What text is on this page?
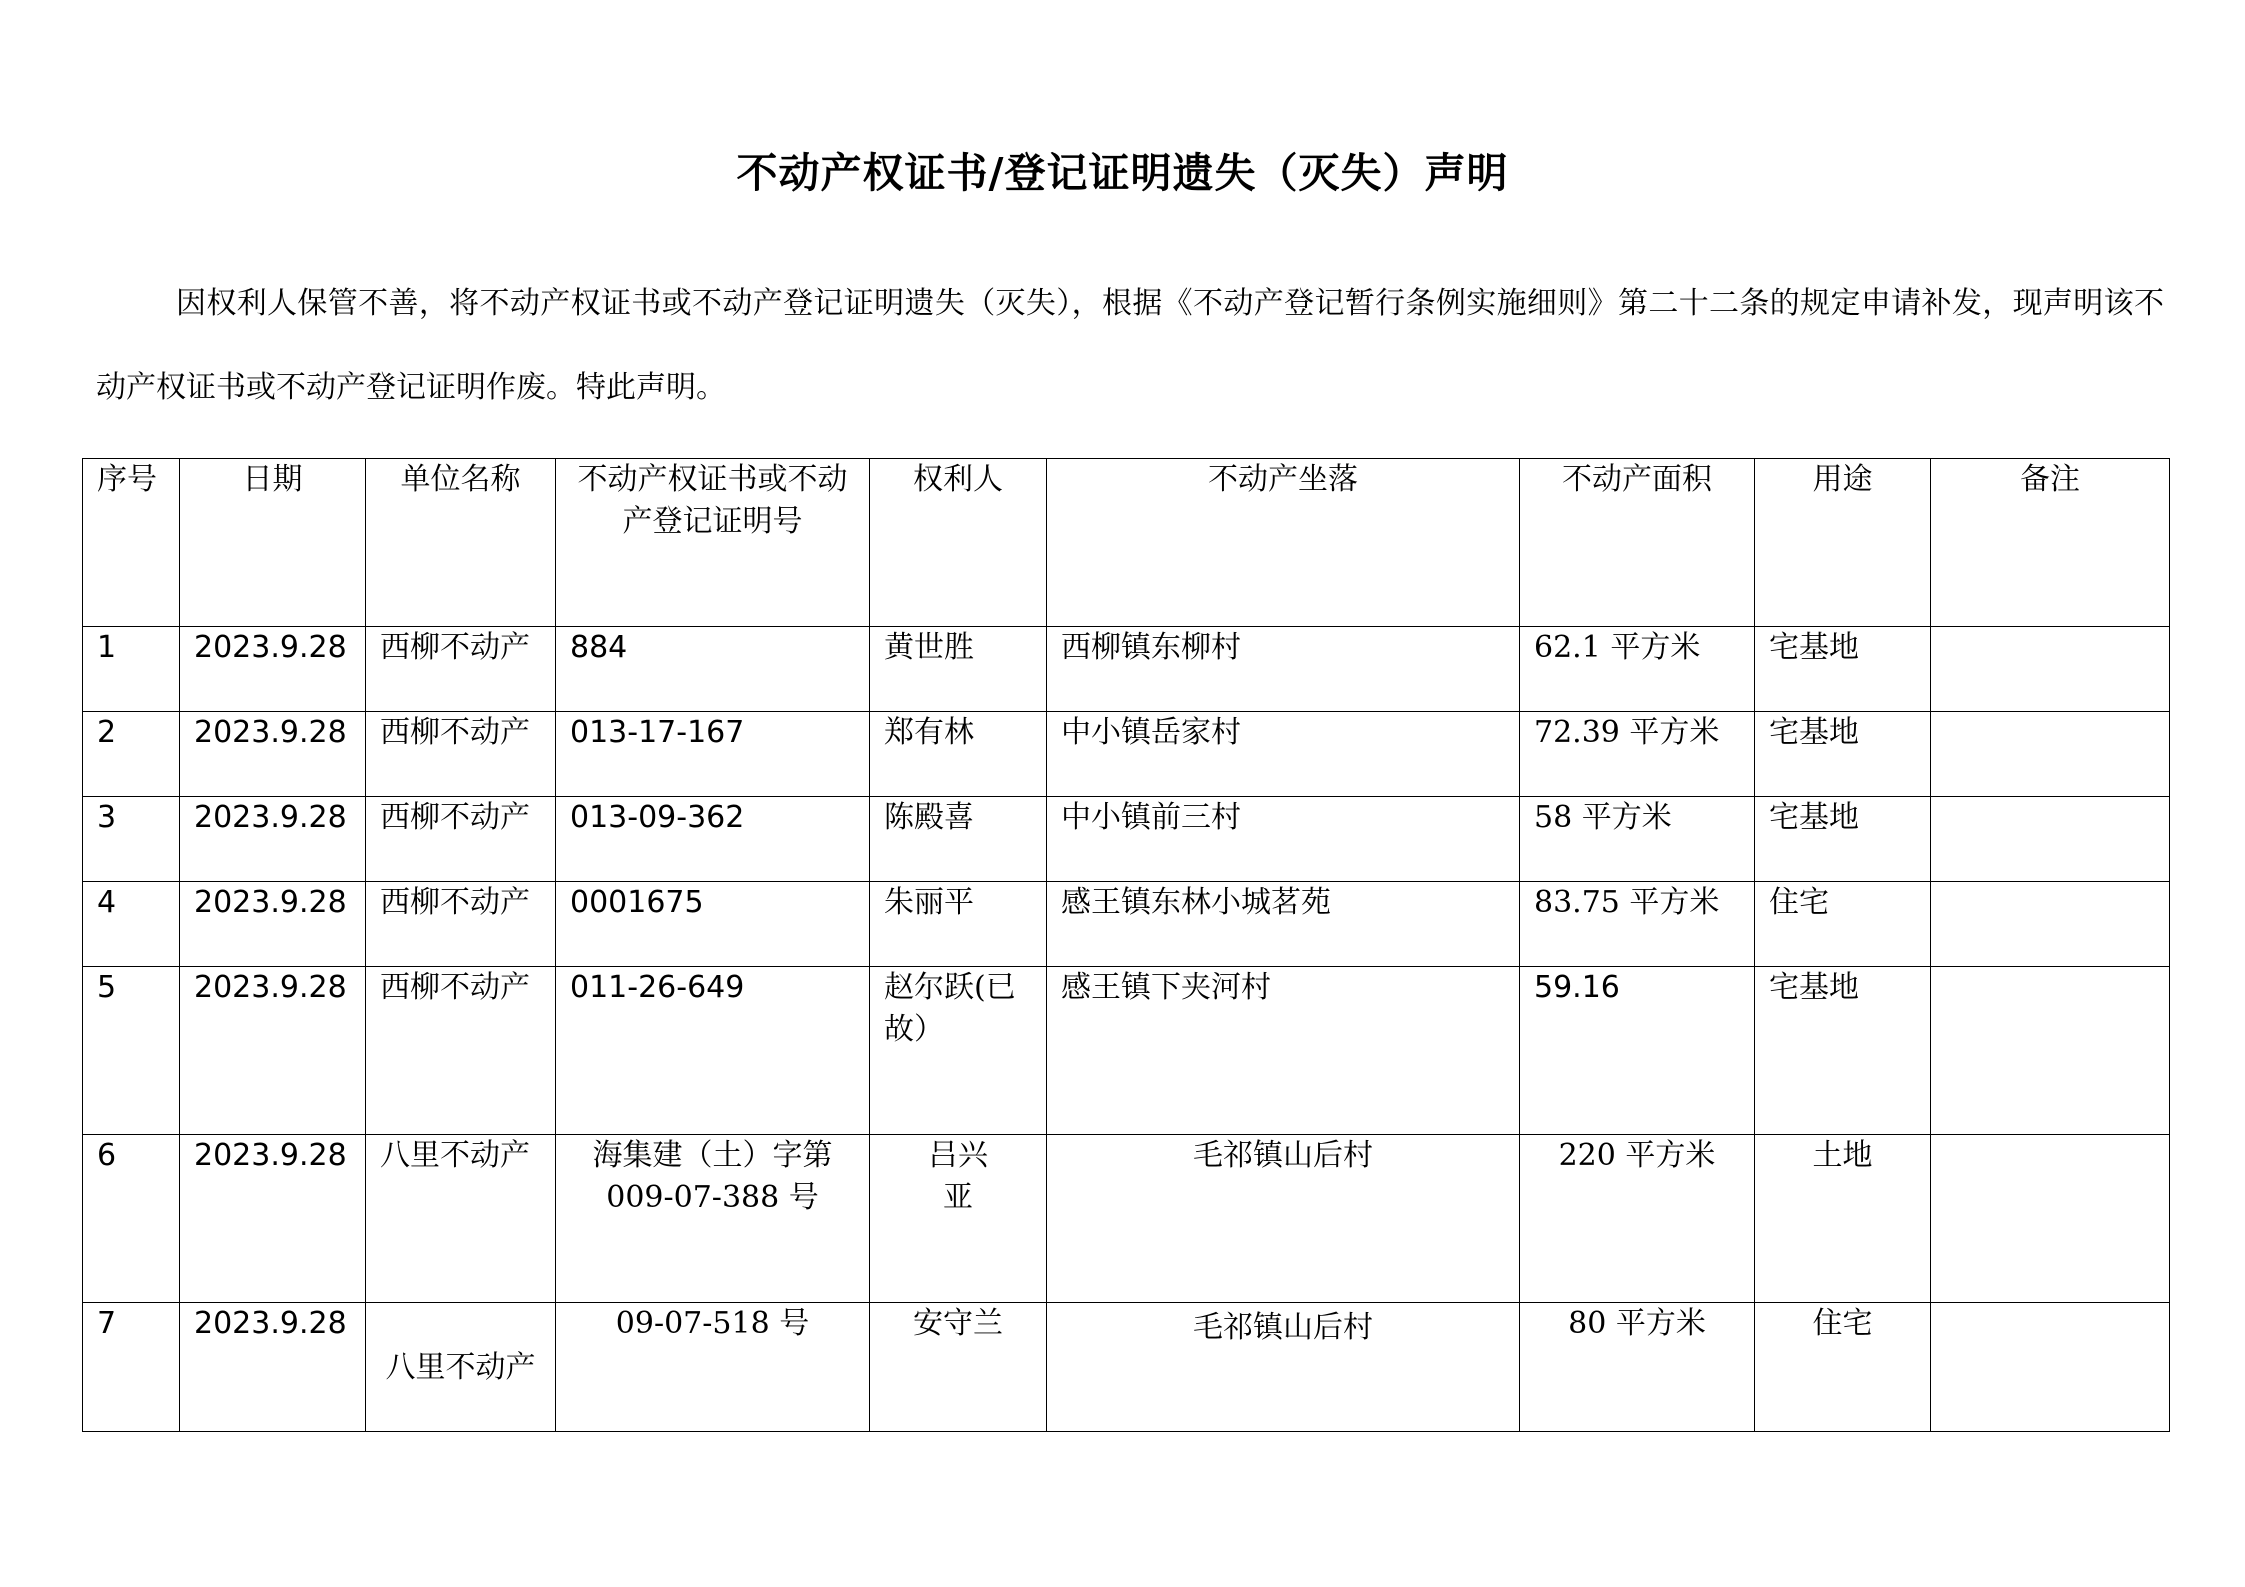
不动产权证书/登记证明遗失（灭失）声明
因权利人保管不善，将不动产权证书或不动产登记证明遗失（灭失），根据《不动产登记暂行条例实施细则》第二十二条的规定申请补发，现声明该不动产权证书或不动产登记证明作废。特此声明。
序号	日期	单位名称	不动产权证书或不动产登记证明号	权利人	不动产坐落	不动产面积	用途	备注
1	2023.9.28	西柳不动产	884	黄世胜	西柳镇东柳村	62.1 平方米	宅基地	
2	2023.9.28	西柳不动产	013-17-167	郑有林	中小镇岳家村	72.39 平方米	宅基地	
3	2023.9.28	西柳不动产	013-09-362	陈殿喜	中小镇前三村	58 平方米	宅基地	
4	2023.9.28	西柳不动产	0001675	朱丽平	感王镇东林小城茗苑	83.75 平方米	住宅	
5	2023.9.28	西柳不动产	011-26-649	赵尔跃(已故）	感王镇下夹河村	59.16	宅基地	
6	2023.9.28	八里不动产	海集建（土）字第009-07-388 号	吕兴亚	毛祁镇山后村	220 平方米	土地	
7	2023.9.28	八里不动产	09-07-518 号	安守兰	毛祁镇山后村	80 平方米	住宅	
